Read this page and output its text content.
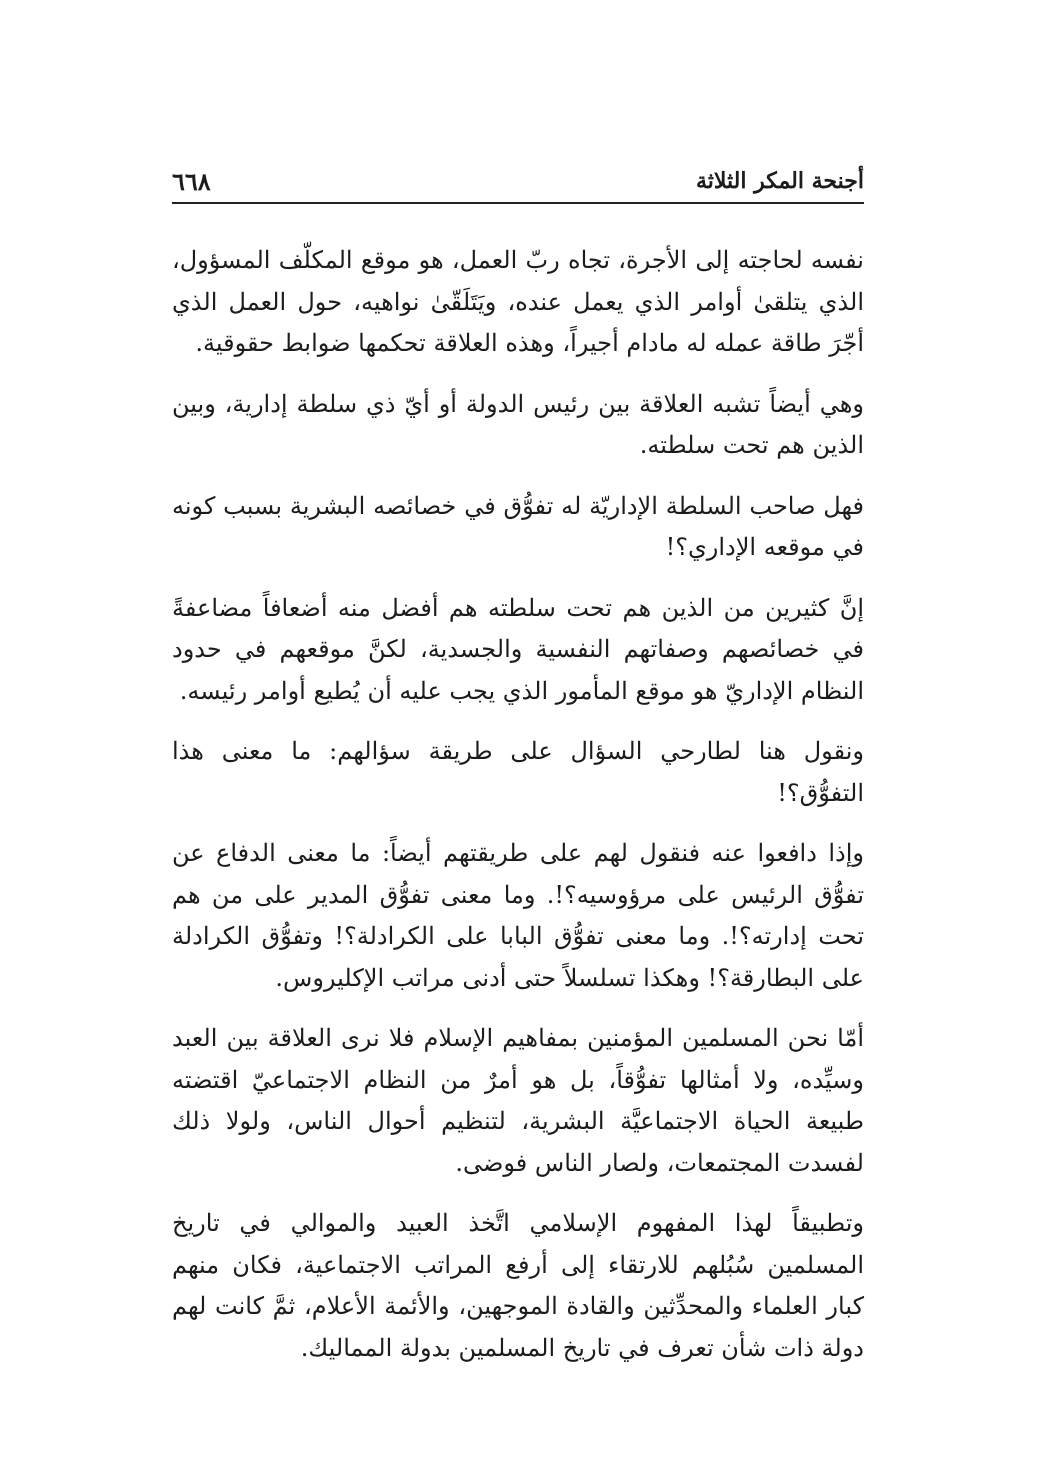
٦٦٨	أجنحة المكر الثلاثة

نفسه لحاجته إلى الأجرة، تجاه ربّ العمل، هو موقع المكلّف المسؤول، الذي يتلقىٰ أوامر الذي يعمل عنده، ويَتَلَقّىٰ نواهيه، حول العمل الذي أجّرَ طاقة عمله له مادام أجيراً، وهذه العلاقة تحكمها ضوابط حقوقية.

وهي أيضاً تشبه العلاقة بين رئيس الدولة أو أيّ ذي سلطة إدارية، وبين الذين هم تحت سلطته.

فهل صاحب السلطة الإداريّة له تفوُّق في خصائصه البشرية بسبب كونه في موقعه الإداري؟!

إنَّ كثيرين من الذين هم تحت سلطته هم أفضل منه أضعافاً مضاعفةً في خصائصهم وصفاتهم النفسية والجسدية، لكنَّ موقعهم في حدود النظام الإداريّ هو موقع المأمور الذي يجب عليه أن يُطيع أوامر رئيسه.

ونقول هنا لطارحي السؤال على طريقة سؤالهم: ما معنى هذا التفوُّق؟!

وإذا دافعوا عنه فنقول لهم على طريقتهم أيضاً: ما معنى الدفاع عن تفوُّق الرئيس على مرؤوسيه؟!. وما معنى تفوُّق المدير على من هم تحت إدارته؟!. وما معنى تفوُّق البابا على الكرادلة؟! وتفوُّق الكرادلة على البطارقة؟! وهكذا تسلسلاً حتى أدنى مراتب الإكليروس.

أمّا نحن المسلمين المؤمنين بمفاهيم الإسلام فلا نرى العلاقة بين العبد وسيِّده، ولا أمثالها تفوُّقاً، بل هو أمرٌ من النظام الاجتماعيّ اقتضته طبيعة الحياة الاجتماعيَّة البشرية، لتنظيم أحوال الناس، ولولا ذلك لفسدت المجتمعات، ولصار الناس فوضى.

وتطبيقاً لهذا المفهوم الإسلامي اتَّخذ العبيد والموالي في تاريخ المسلمين سُبُلهم للارتقاء إلى أرفع المراتب الاجتماعية، فكان منهم كبار العلماء والمحدِّثين والقادة الموجهين، والأئمة الأعلام، ثمَّ كانت لهم دولة ذات شأن تعرف في تاريخ المسلمين بدولة المماليك.
